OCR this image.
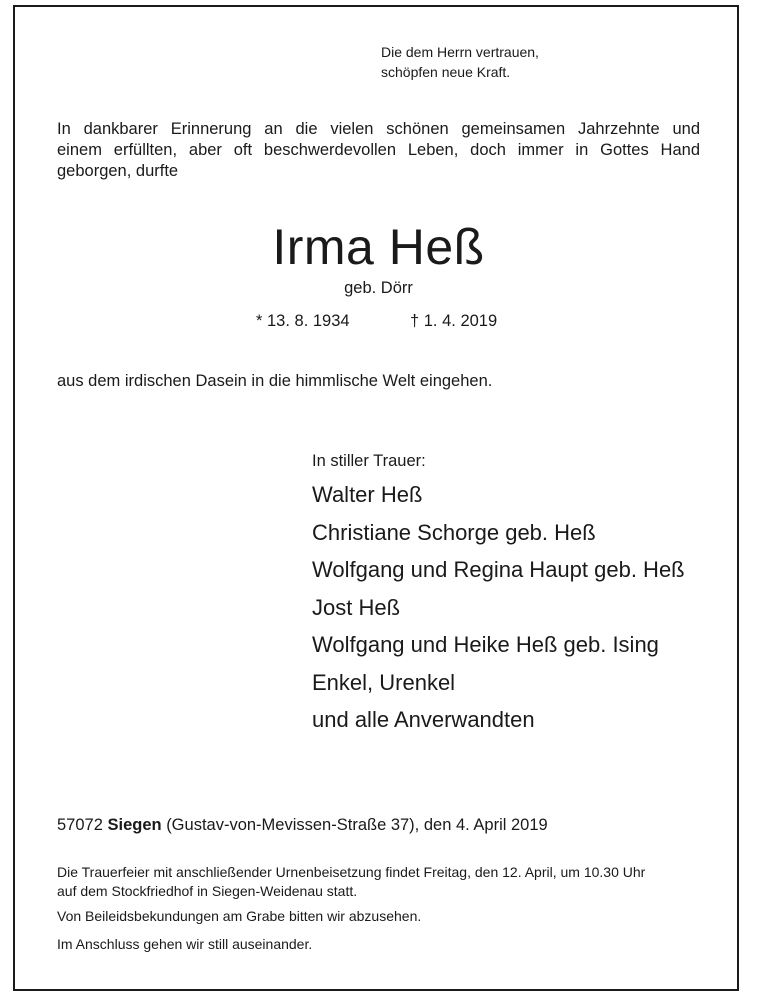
Die dem Herrn vertrauen,
schöpfen neue Kraft.
In dankbarer Erinnerung an die vielen schönen gemeinsamen Jahrzehnte und
einem erfüllten, aber oft beschwerdevollen Leben, doch immer in Gottes Hand
geborgen, durfte
Irma Heß
geb. Dörr
* 13. 8. 1934	† 1. 4. 2019
aus dem irdischen Dasein in die himmlische Welt eingehen.
In stiller Trauer:
Walter Heß
Christiane Schorge geb. Heß
Wolfgang und Regina Haupt geb. Heß
Jost Heß
Wolfgang und Heike Heß geb. Ising
Enkel, Urenkel
und alle Anverwandten
57072 Siegen (Gustav-von-Mevissen-Straße 37), den 4. April 2019
Die Trauerfeier mit anschließender Urnenbeisetzung findet Freitag, den 12. April, um 10.30 Uhr
auf dem Stockfriedhof in Siegen-Weidenau statt.
Von Beileidsbekundungen am Grabe bitten wir abzusehen.
Im Anschluss gehen wir still auseinander.
